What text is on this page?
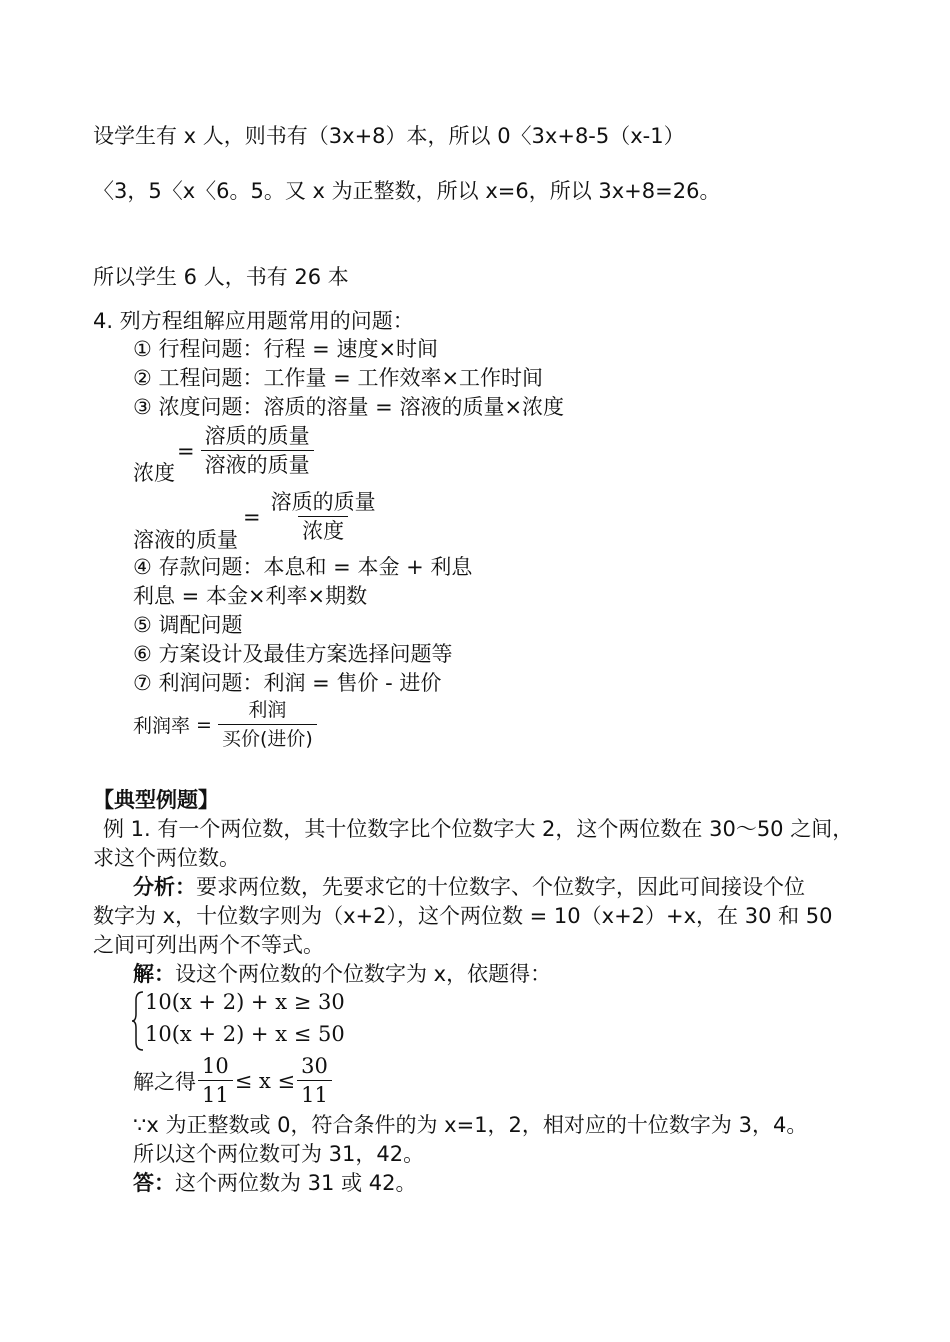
设学生有 x 人，则书有（3x+8）本，所以 0〈3x+8-5（x-1）
〈3，5〈x〈6。5。又 x 为正整数，所以 x=6，所以 3x+8=26。
所以学生 6 人，书有 26 本
4. 列方程组解应用题常用的问题：
① 行程问题：行程 = 速度×时间
② 工程问题：工作量 = 工作效率×工作时间
③ 浓度问题：溶质的溶量 = 溶液的质量×浓度
浓度
= $\frac{\text{溶质的质量}}{\text{溶液的质量}}$
溶液的质量
= $\frac{\text{溶质的质量}}{\text{浓度}}$
④ 存款问题：本息和 = 本金 + 利息
利息 = 本金×利率×期数
⑤ 调配问题
⑥ 方案设计及最佳方案选择问题等
⑦ 利润问题：利润 = 售价 - 进价
利润率 = $\frac{\text{利润}}{\text{买价(进价)}}$
【典型例题】
例 1. 有一个两位数，其十位数字比个位数字大 2，这个两位数在 30～50 之间，
求这个两位数。
分析：要求两位数，先要求它的十位数字、个位数字，因此可间接设个位
数字为 x，十位数字则为（x+2），这个两位数 = 10（x+2）+x，在 30 和 50
之间可列出两个不等式。
解：设这个两位数的个位数字为 x，依题得：
10(x + 2) + x ≥ 30
10(x + 2) + x ≤ 50
解之得 $\frac{10}{11} \le x \le \frac{30}{11}$
∵x 为正整数或 0，符合条件的为 x=1，2，相对应的十位数字为 3，4。
所以这个两位数可为 31，42。
答：这个两位数为 31 或 42。
